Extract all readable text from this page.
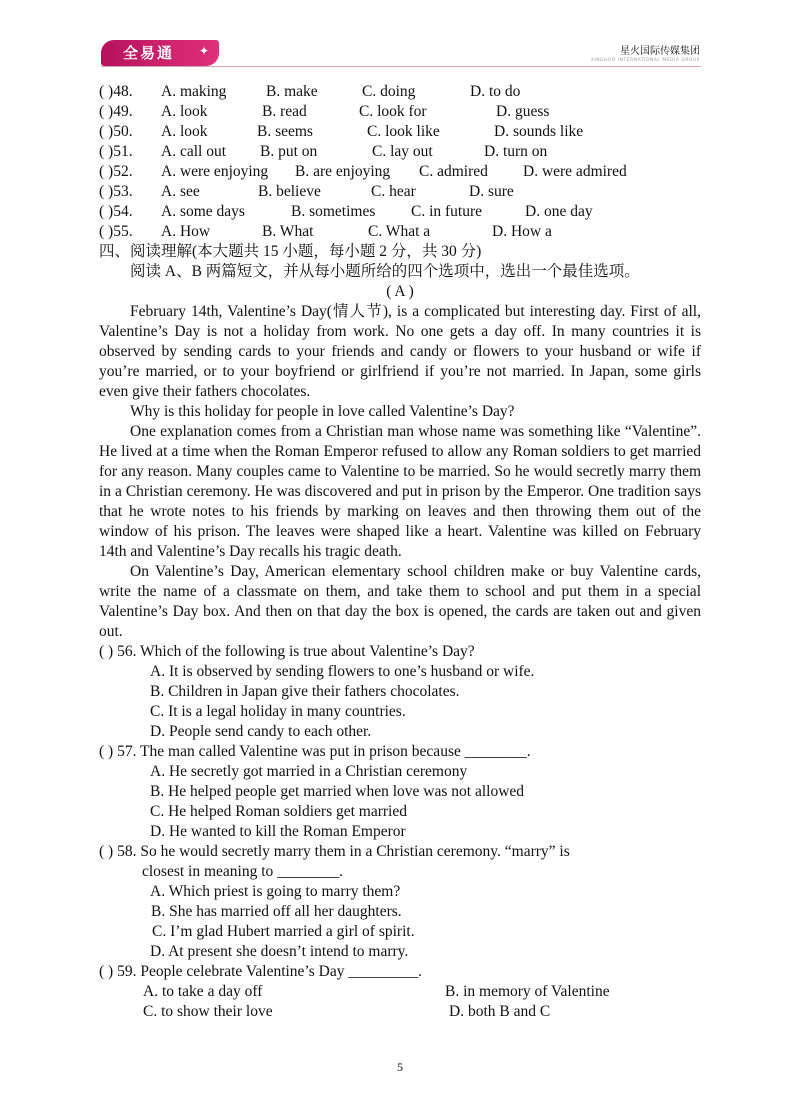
全易通	✦	星火国际传媒集团
XINGHUO INTERNATIONAL MEDIA GROUP
( )48. A. making	B. make	C. doing	D. to do
( )49. A. look	B. read	C. look for	D. guess
( )50. A. look	B. seems	C. look like	D. sounds like
( )51. A. call out B. put on	C. lay out	D. turn on
( )52. A. were enjoying B. are enjoying C. admired D. were admired
( )53. A. see	B. believe	C. hear	D. sure
( )54. A. some days	B. sometimes C. in future	D. one day
( )55. A. How	B. What	C. What a	D. How a
四、阅读理解(本大题共 15 小题，每小题 2 分，共 30 分)
阅读 A、B 两篇短文，并从每小题所给的四个选项中，选出一个最佳选项。
( A )
February 14th, Valentine’s Day(情人节), is a complicated but interesting day. First of all, Valentine’s Day is not a holiday from work. No one gets a day off. In many countries it is observed by sending cards to your friends and candy or flowers to your husband or wife if you’re married, or to your boyfriend or girlfriend if you’re not married. In Japan, some girls even give their fathers chocolates.
Why is this holiday for people in love called Valentine’s Day?
One explanation comes from a Christian man whose name was something like “Valentine”. He lived at a time when the Roman Emperor refused to allow any Roman soldiers to get married for any reason. Many couples came to Valentine to be married. So he would secretly marry them in a Christian ceremony. He was discovered and put in prison by the Emperor. One tradition says that he wrote notes to his friends by marking on leaves and then throwing them out of the window of his prison. The leaves were shaped like a heart. Valentine was killed on February 14th and Valentine’s Day recalls his tragic death.
On Valentine’s Day, American elementary school children make or buy Valentine cards, write the name of a classmate on them, and take them to school and put them in a special Valentine’s Day box. And then on that day the box is opened, the cards are taken out and given out.
( ) 56. Which of the following is true about Valentine’s Day?
A. It is observed by sending flowers to one’s husband or wife.
B. Children in Japan give their fathers chocolates.
C. It is a legal holiday in many countries.
D. People send candy to each other.
( ) 57. The man called Valentine was put in prison because ________.
A. He secretly got married in a Christian ceremony
B. He helped people get married when love was not allowed
C. He helped Roman soldiers get married
D. He wanted to kill the Roman Emperor
( ) 58. So he would secretly marry them in a Christian ceremony. “marry” is
closest in meaning to ________.
A. Which priest is going to marry them?
B. She has married off all her daughters.
C. I’m glad Hubert married a girl of spirit.
D. At present she doesn’t intend to marry.
( ) 59. People celebrate Valentine’s Day _________.
A. to take a day off	B. in memory of Valentine
C. to show their love	D. both B and C
5
